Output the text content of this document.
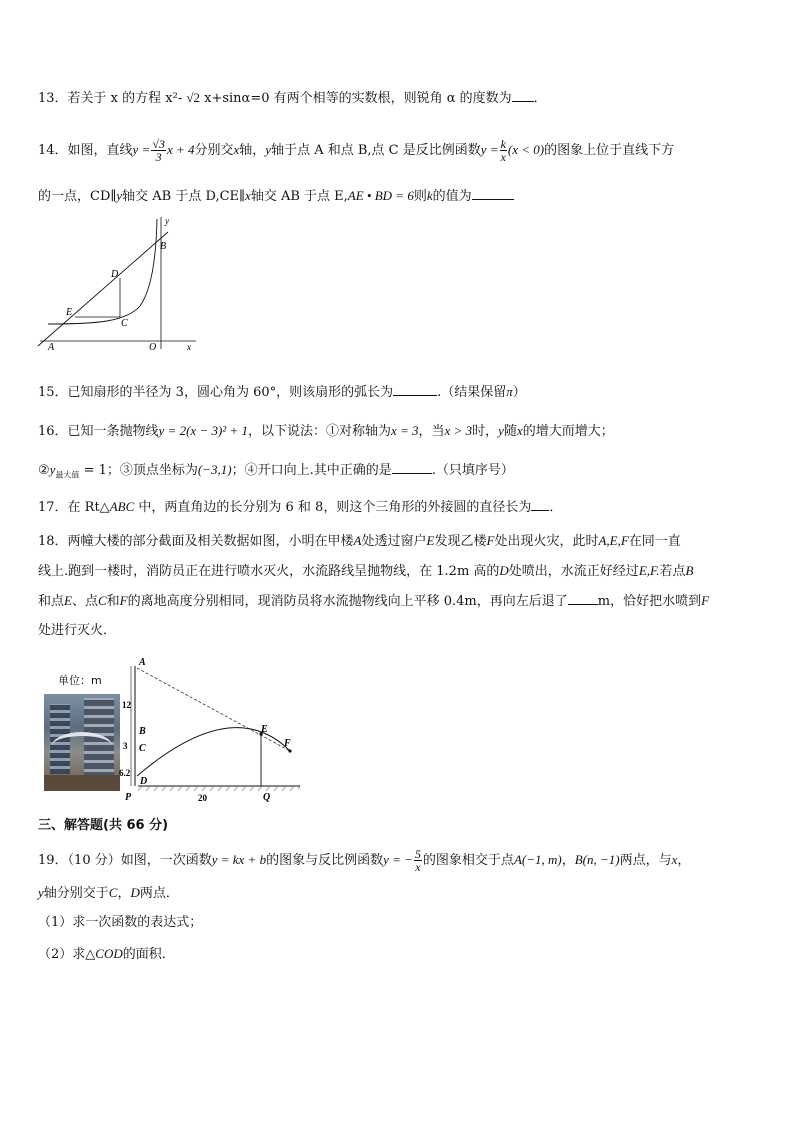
13．若关于 x 的方程 x²- √2 x+sinα=0 有两个相等的实数根，则锐角 α 的度数为 ．
14．如图，直线$y = \frac{√3}{3}$ x + 4分别交x轴，y轴于点 A 和点 B,点 C 是反比例函数$y = \frac{k}{x} (x < 0)$的图象上位于直线下方
的一点，CD∥y轴交 AB 于点 D,CE∥x轴交 AB 于点 E,AE • BD = 6则k的值为
y
B
D
E
C
A	O	x
15．已知扇形的半径为 3，圆心角为 60°，则该扇形的弧长为	.（结果保留π）
16．已知一条抛物线y = 2(x − 3)² + 1，以下说法：①对称轴为x = 3，当x > 3时，y随x的增大而增大；
$②y_{最大值} = 1$；③顶点坐标为(−3,1)；④开口向上.其中正确的是	.（只填序号）
17．在 Rt△ABC 中，两直角边的长分别为 6 和 8，则这个三角形的外接圆的直径长为 ．
18．两幢大楼的部分截面及相关数据如图，小明在甲楼A处透过窗户E发现乙楼F处出现火灾，此时A,E,F在同一直
线上.跑到一楼时，消防员正在进行喷水灭火，水流路线呈抛物线，在 1.2m 高的D处喷出，水流正好经过E,F.若点B
和点E、点C和F的离地高度分别相同，现消防员将水流抛物线向上平移 0.4m，再向左后退了 m，恰好把水喷到F
处进行灭火．
单位：m
A
B
C
D
P
E
F
Q
12
3
6.2
20
三、解答题(共 66 分)
19．（10 分）如图，一次函数y = kx + b的图象与反比例函数y = − $\frac{5}{x}$ 的图象相交于点A(−1, m)，B(n, −1)两点，与x，
y轴分别交于C，D两点．
（1）求一次函数的表达式；
（2）求△COD的面积．
